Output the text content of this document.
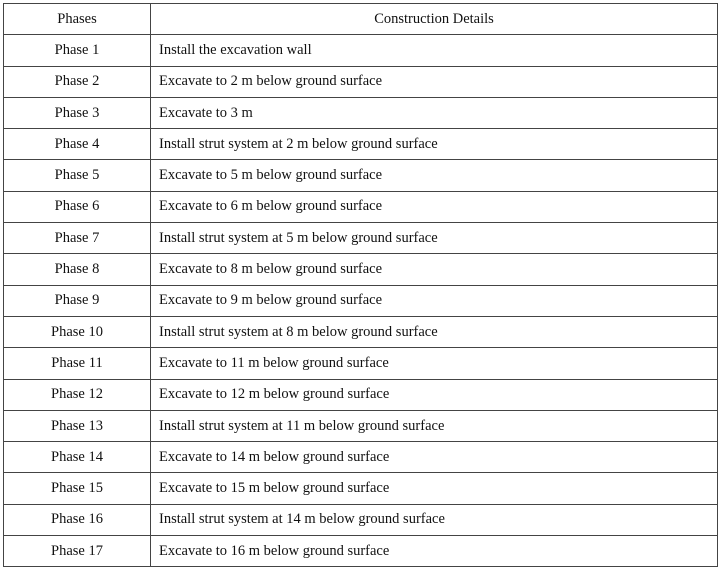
Phases	Construction Details
Phase 1	Install the excavation wall
Phase 2	Excavate to 2 m below ground surface
Phase 3	Excavate to 3 m
Phase 4	Install strut system at 2 m below ground surface
Phase 5	Excavate to 5 m below ground surface
Phase 6	Excavate to 6 m below ground surface
Phase 7	Install strut system at 5 m below ground surface
Phase 8	Excavate to 8 m below ground surface
Phase 9	Excavate to 9 m below ground surface
Phase 10	Install strut system at 8 m below ground surface
Phase 11	Excavate to 11 m below ground surface
Phase 12	Excavate to 12 m below ground surface
Phase 13	Install strut system at 11 m below ground surface
Phase 14	Excavate to 14 m below ground surface
Phase 15	Excavate to 15 m below ground surface
Phase 16	Install strut system at 14 m below ground surface
Phase 17	Excavate to 16 m below ground surface
